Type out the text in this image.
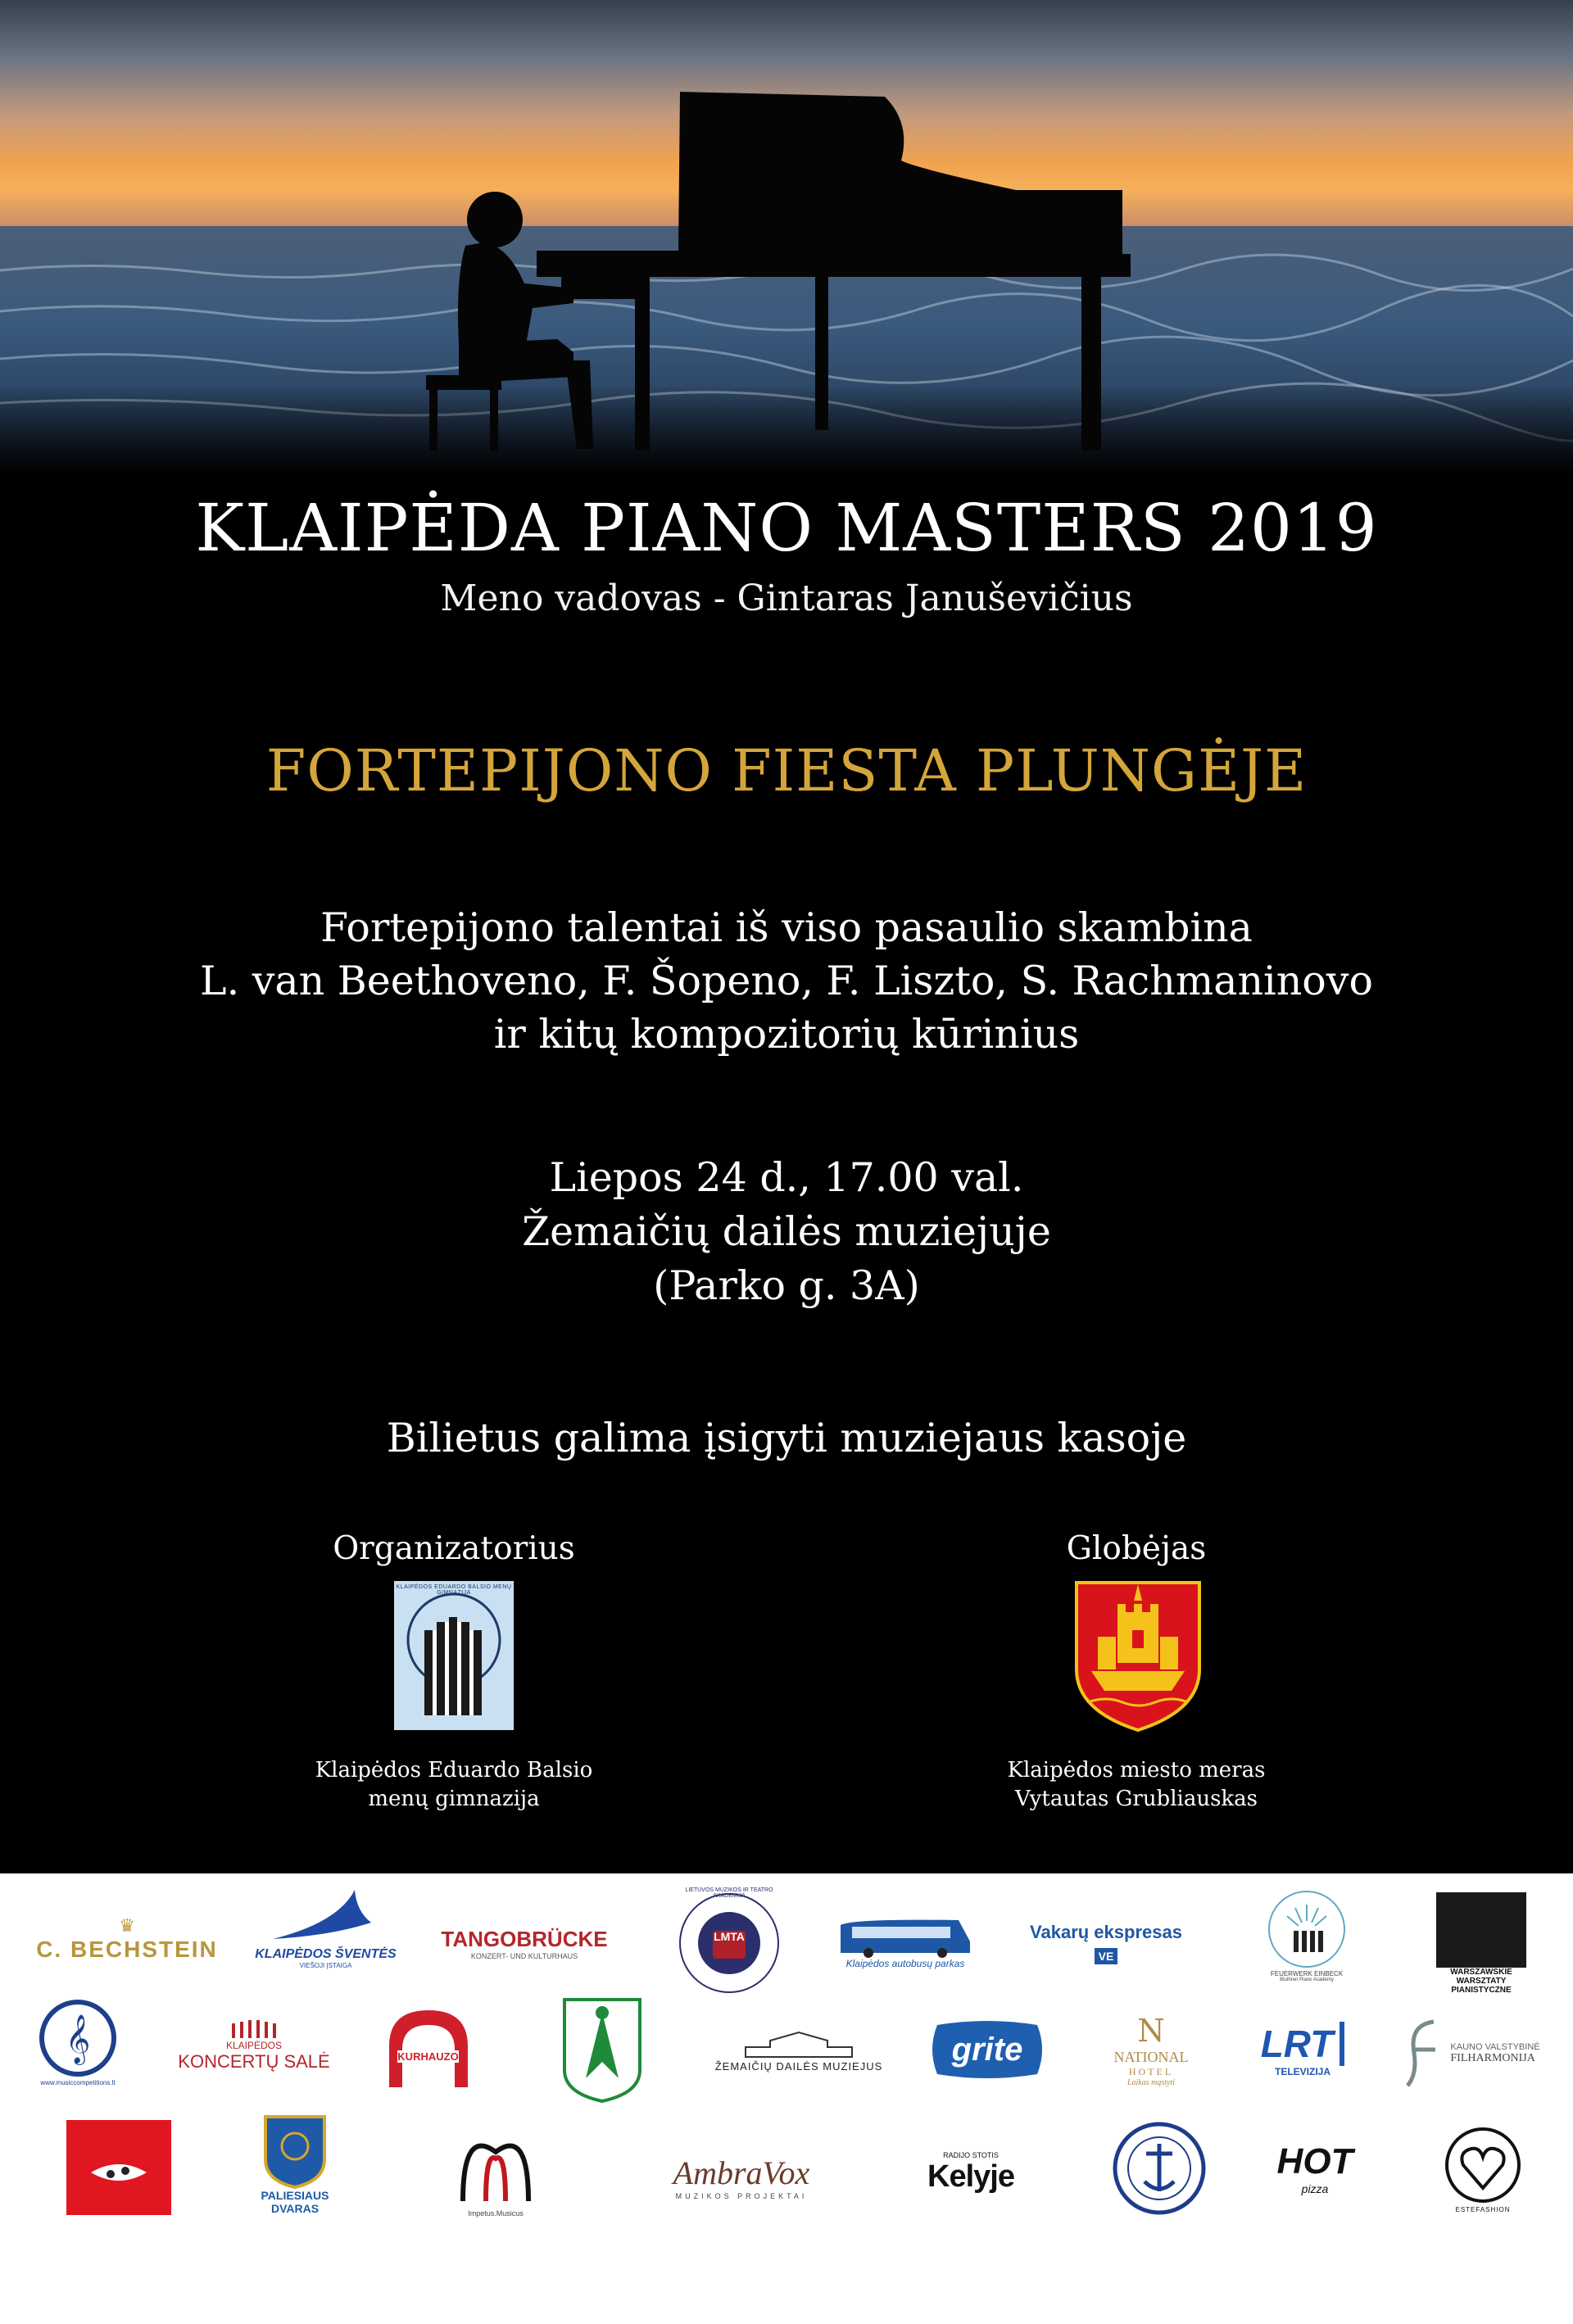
KLAIPĖDA PIANO MASTERS 2019
Meno vadovas - Gintaras Januševičius
FORTEPIJONO FIESTA PLUNGĖJE
Fortepijono talentai iš viso pasaulio skambina
L. van Beethoveno, F. Šopeno, F. Liszto, S. Rachmaninovo
ir kitų kompozitorių kūrinius
Liepos 24 d., 17.00 val.
Žemaičių dailės muziejuje
(Parko g. 3A)
Bilietus galima įsigyti muziejaus kasoje
Organizatorius
KLAIPĖDOS EDUARDO BALSIO MENŲ GIMNAZIJA
Klaipėdos Eduardo Balsio
menų gimnazija
Globėjas
Klaipėdos miesto meras
Vytautas Grubliauskas
♛
C. BECHSTEIN	KLAIPĖDOS ŠVENTĖS
VIEŠOJI ĮSTAIGA
TANGOBRÜCKE
KONZERT- UND KULTURHAUS
LMTA
LIETUVOS MUZIKOS IR TEATRO AKADEMIJA
Klaipėdos autobusų parkas
Vakarų ekspresas
VE
FEUERWERK EINBECK
Bluthner Piano Academy
WARSZAWSKIE
WARSZTATY
PIANISTYCZNE
𝄞
www.musiccompetitions.lt
KLAIPĖDOS
KONCERTŲ SALĖ	KURHAUZO
ŽEMAIČIŲ DAILĖS MUZIEJUS grite
N
NATIONAL
HOTEL
Laikas mąstyti
LRT
TELEVIZIJA
KAUNO VALSTYBINĖ
FILHARMONIJA
PALIESIAUS
DVARAS	Impetus.Musicus
AmbraVox
MUZIKOS PROJEKTAI
RADIJO STOTIS
Kelyje	HOT
pizza
ESTEFASHION
